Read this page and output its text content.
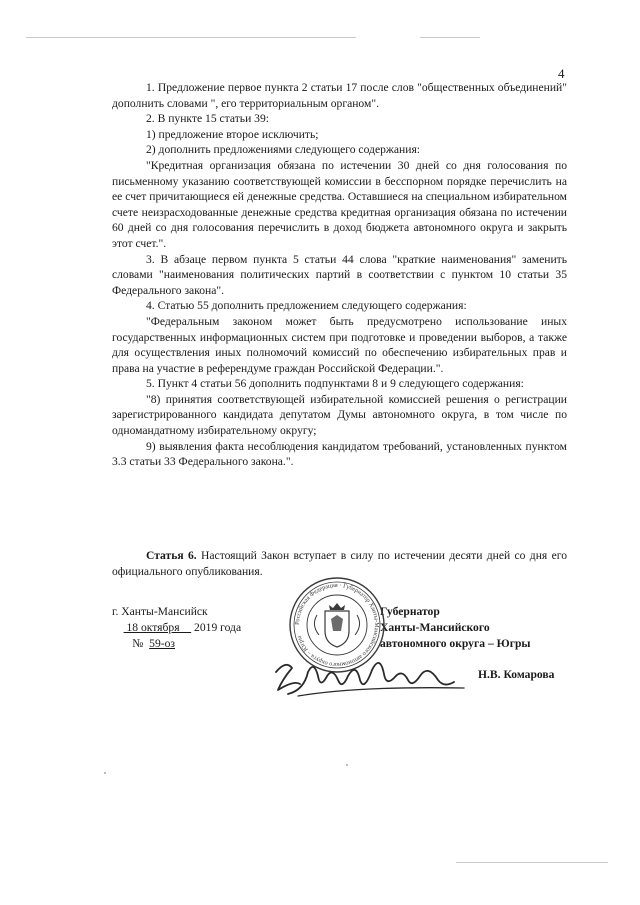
4

1. Предложение первое пункта 2 статьи 17 после слов "общественных объединений" дополнить словами ", его территориальным органом".

2. В пункте 15 статьи 39:

1) предложение второе исключить;

2) дополнить предложениями следующего содержания:

"Кредитная организация обязана по истечении 30 дней со дня голосования по письменному указанию соответствующей комиссии в бесспорном порядке перечислить на ее счет причитающиеся ей денежные средства. Оставшиеся на специальном избирательном счете неизрасходованные денежные средства кредитная организация обязана по истечении 60 дней со дня голосования перечислить в доход бюджета автономного округа и закрыть этот счет.".

3. В абзаце первом пункта 5 статьи 44 слова "краткие наименования" заменить словами "наименования политических партий в соответствии с пунктом 10 статьи 35 Федерального закона".

4. Статью 55 дополнить предложением следующего содержания:

"Федеральным законом может быть предусмотрено использование иных государственных информационных систем при подготовке и проведении выборов, а также для осуществления иных полномочий комиссий по обеспечению избирательных прав и права на участие в референдуме граждан Российской Федерации.".

5. Пункт 4 статьи 56 дополнить подпунктами 8 и 9 следующего содержания:

"8) принятия соответствующей избирательной комиссией решения о регистрации зарегистрированного кандидата депутатом Думы автономного округа, в том числе по одномандатному избирательному округу;

9) выявления факта несоблюдения кандидатом требований, установленных пунктом 3.3 статьи 33 Федерального закона.".

Статья 6. Настоящий Закон вступает в силу по истечении десяти дней со дня его официального опубликования.

г. Ханты-Мансийск
18 октября 2019 года
№ 59-оз
Губернатор
Ханты-Мансийского
автономного округа – Югры
Российская Федерация · Губернатор Ханты-Мансийского автономного округа – Югры
Н.В. Комарова
